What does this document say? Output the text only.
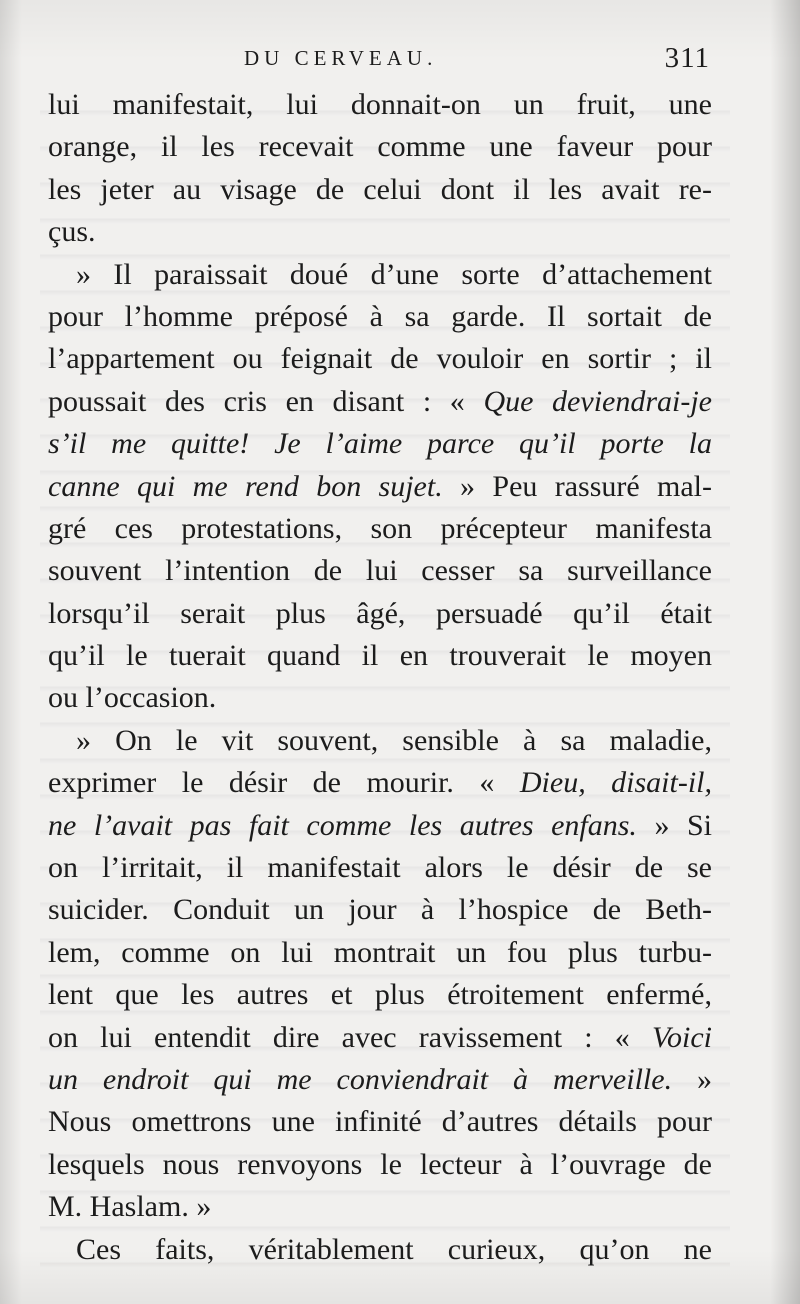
DU CERVEAU.	311
lui manifestait, lui donnait-on un fruit, une
orange, il les recevait comme une faveur pour
les jeter au visage de celui dont il les avait re-
çus.
» Il paraissait doué d’une sorte d’attachement
pour l’homme préposé à sa garde. Il sortait de
l’appartement ou feignait de vouloir en sortir ; il
poussait des cris en disant : « Que deviendrai-je
s’il me quitte! Je l’aime parce qu’il porte la
canne qui me rend bon sujet. » Peu rassuré mal-
gré ces protestations, son précepteur manifesta
souvent l’intention de lui cesser sa surveillance
lorsqu’il serait plus âgé, persuadé qu’il était
qu’il le tuerait quand il en trouverait le moyen
ou l’occasion.
» On le vit souvent, sensible à sa maladie,
exprimer le désir de mourir. « Dieu, disait-il,
ne l’avait pas fait comme les autres enfans. » Si
on l’irritait, il manifestait alors le désir de se
suicider. Conduit un jour à l’hospice de Beth-
lem, comme on lui montrait un fou plus turbu-
lent que les autres et plus étroitement enfermé,
on lui entendit dire avec ravissement : « Voici
un endroit qui me conviendrait à merveille. »
Nous omettrons une infinité d’autres détails pour
lesquels nous renvoyons le lecteur à l’ouvrage de
M. Haslam. »
Ces faits, véritablement curieux, qu’on ne
